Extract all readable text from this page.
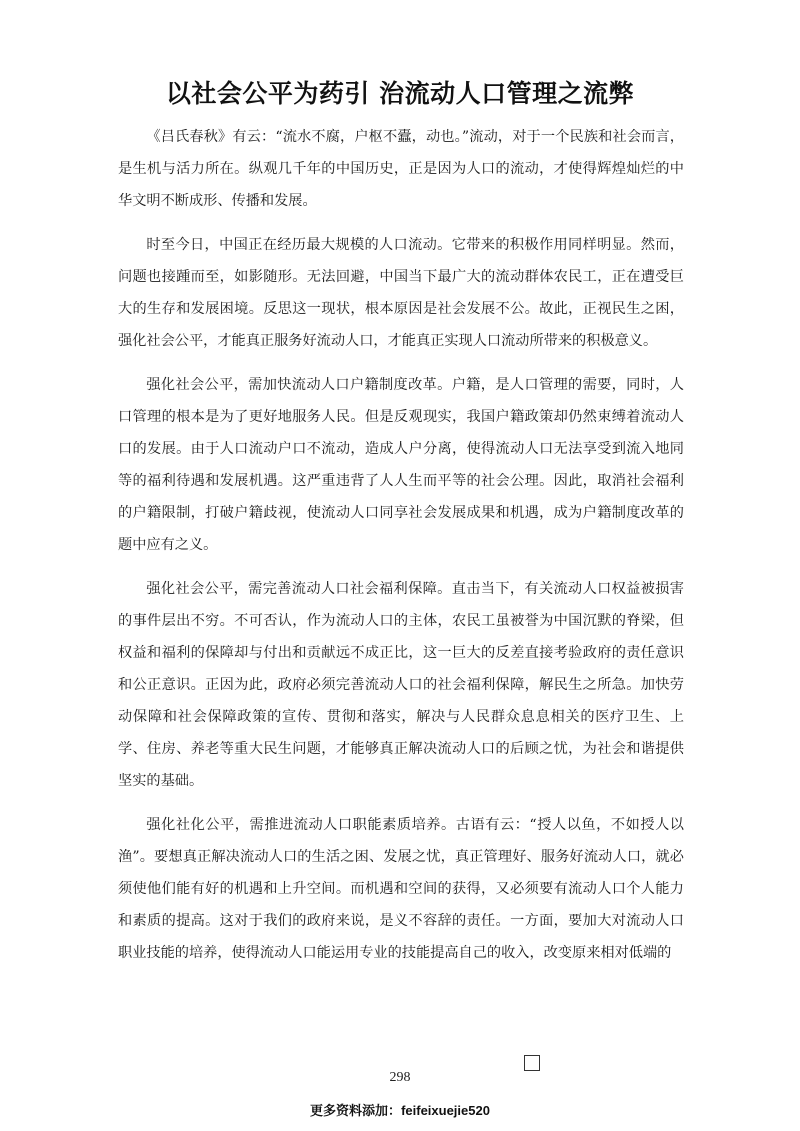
以社会公平为药引 治流动人口管理之流弊

《吕氏春秋》有云：“流水不腐，户枢不蠹，动也。”流动，对于一个民族和社会而言，是生机与活力所在。纵观几千年的中国历史，正是因为人口的流动，才使得辉煌灿烂的中华文明不断成形、传播和发展。

时至今日，中国正在经历最大规模的人口流动。它带来的积极作用同样明显。然而，问题也接踵而至，如影随形。无法回避，中国当下最广大的流动群体农民工，正在遭受巨大的生存和发展困境。反思这一现状，根本原因是社会发展不公。故此，正视民生之困，强化社会公平，才能真正服务好流动人口，才能真正实现人口流动所带来的积极意义。

强化社会公平，需加快流动人口户籍制度改革。户籍，是人口管理的需要，同时，人口管理的根本是为了更好地服务人民。但是反观现实，我国户籍政策却仍然束缚着流动人口的发展。由于人口流动户口不流动，造成人户分离，使得流动人口无法享受到流入地同等的福利待遇和发展机遇。这严重违背了人人生而平等的社会公理。因此，取消社会福利的户籍限制，打破户籍歧视，使流动人口同享社会发展成果和机遇，成为户籍制度改革的题中应有之义。

强化社会公平，需完善流动人口社会福利保障。直击当下，有关流动人口权益被损害的事件层出不穷。不可否认，作为流动人口的主体，农民工虽被誉为中国沉默的脊梁，但权益和福利的保障却与付出和贡献远不成正比，这一巨大的反差直接考验政府的责任意识和公正意识。正因为此，政府必须完善流动人口的社会福利保障，解民生之所急。加快劳动保障和社会保障政策的宣传、贯彻和落实，解决与人民群众息息相关的医疗卫生、上学、住房、养老等重大民生问题，才能够真正解决流动人口的后顾之忧，为社会和谐提供坚实的基础。

强化社化公平，需推进流动人口职能素质培养。古语有云：“授人以鱼，不如授人以渔”。要想真正解决流动人口的生活之困、发展之忧，真正管理好、服务好流动人口，就必须使他们能有好的机遇和上升空间。而机遇和空间的获得，又必须要有流动人口个人能力和素质的提高。这对于我们的政府来说，是义不容辞的责任。一方面，要加大对流动人口职业技能的培养，使得流动人口能运用专业的技能提高自己的收入，改变原来相对低端的

298
更多资料添加：feifeixuejie520
